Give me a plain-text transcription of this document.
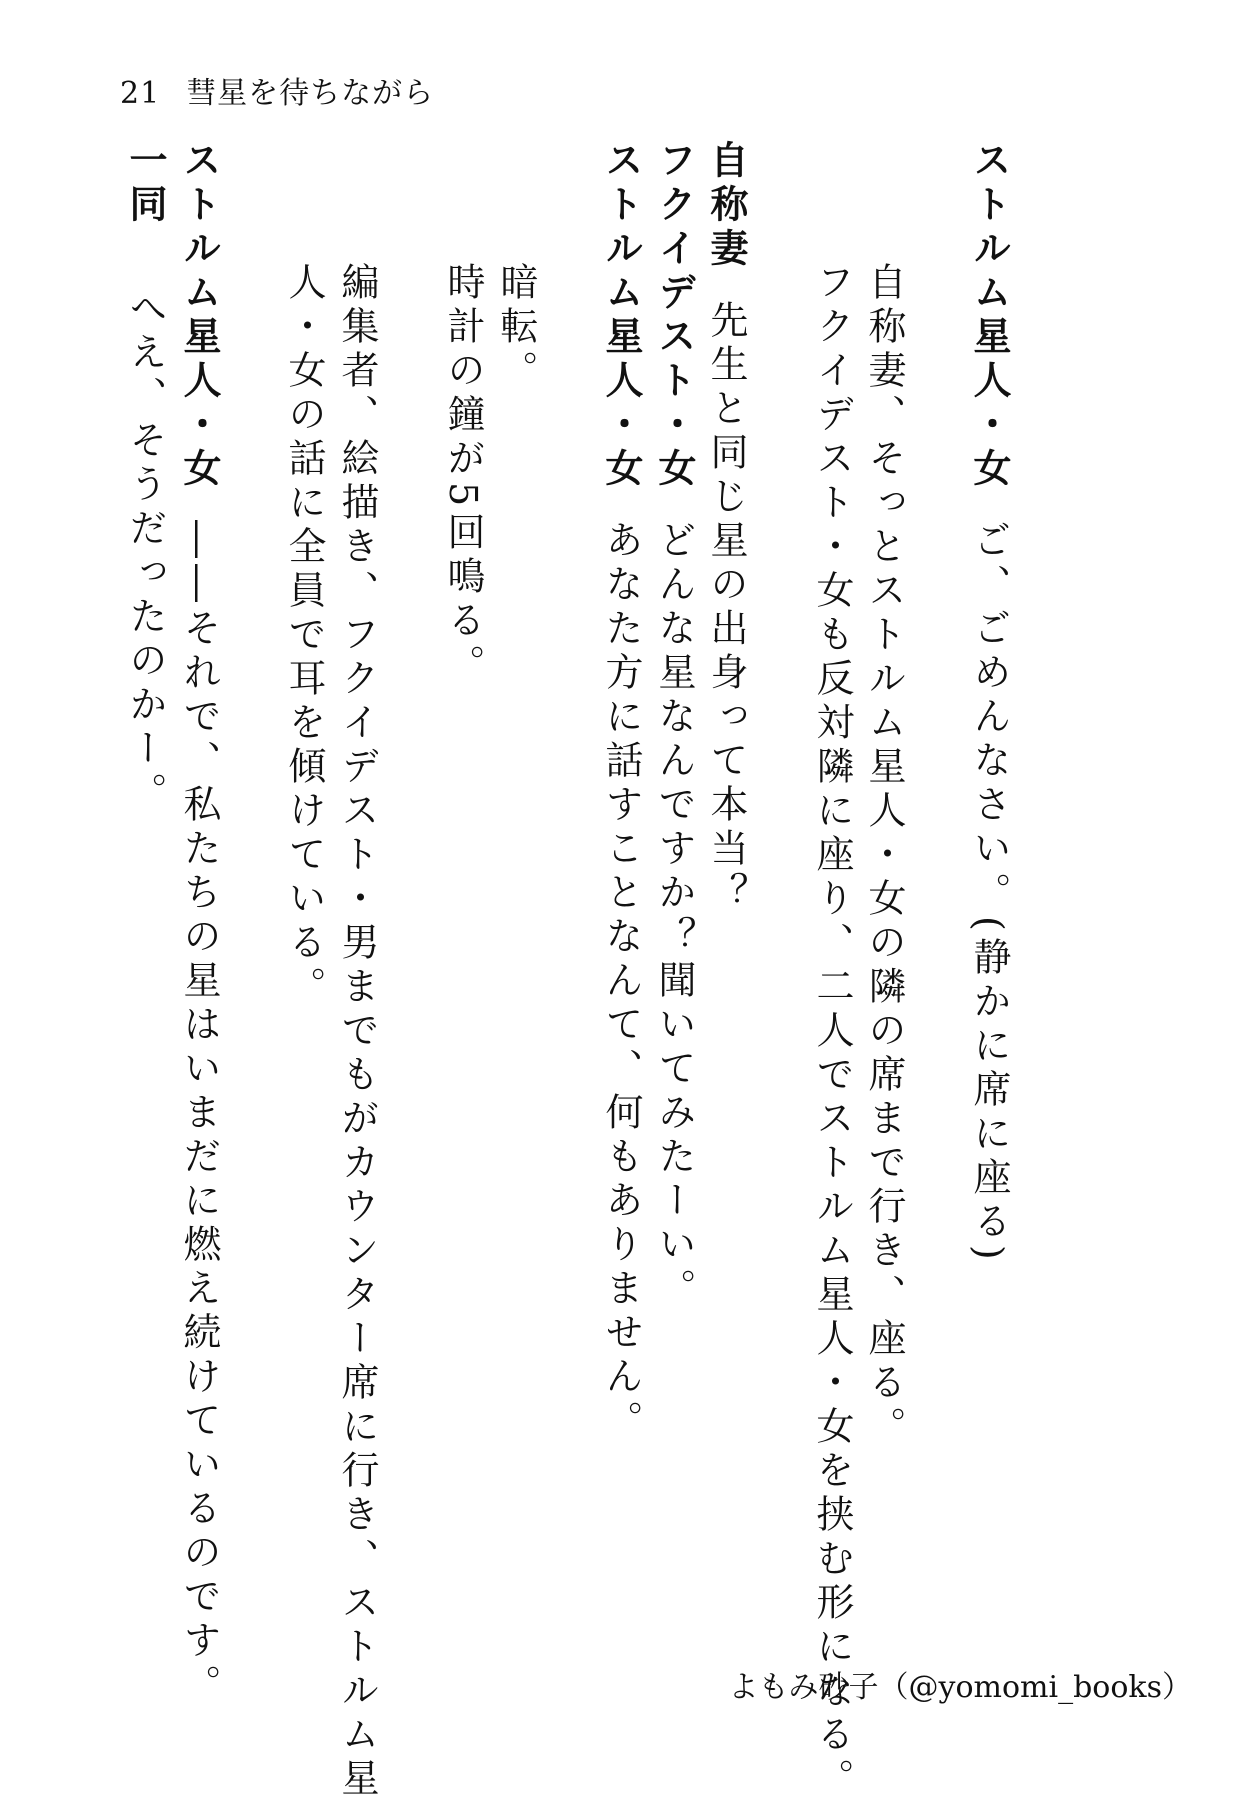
21 彗星を待ちながら
ストルム星人・女ご、ごめんなさい。(静かに席に座る)
自称妻、そっとストルム星人・女の隣の席まで行き、座る。
フクイデスト・女も反対隣に座り、二人でストルム星人・女を挟む形になる。
ストルム星人・女あなた方に話すことなんて、何もありません。
フクイデスト・女どんな星なんですか？聞いてみたーい。
自称妻先生と同じ星の出身って本当？
暗転。
時計の鐘が5回鳴る。
編集者、絵描き、フクイデスト・男までもがカウンター席に行き、ストルム星
人・女の話に全員で耳を傾けている。
ストルム星人・女――それで、私たちの星はいまだに燃え続けているのです。
一同へえ、そうだったのかー。
よもみ砂子（@yomomi_books）
